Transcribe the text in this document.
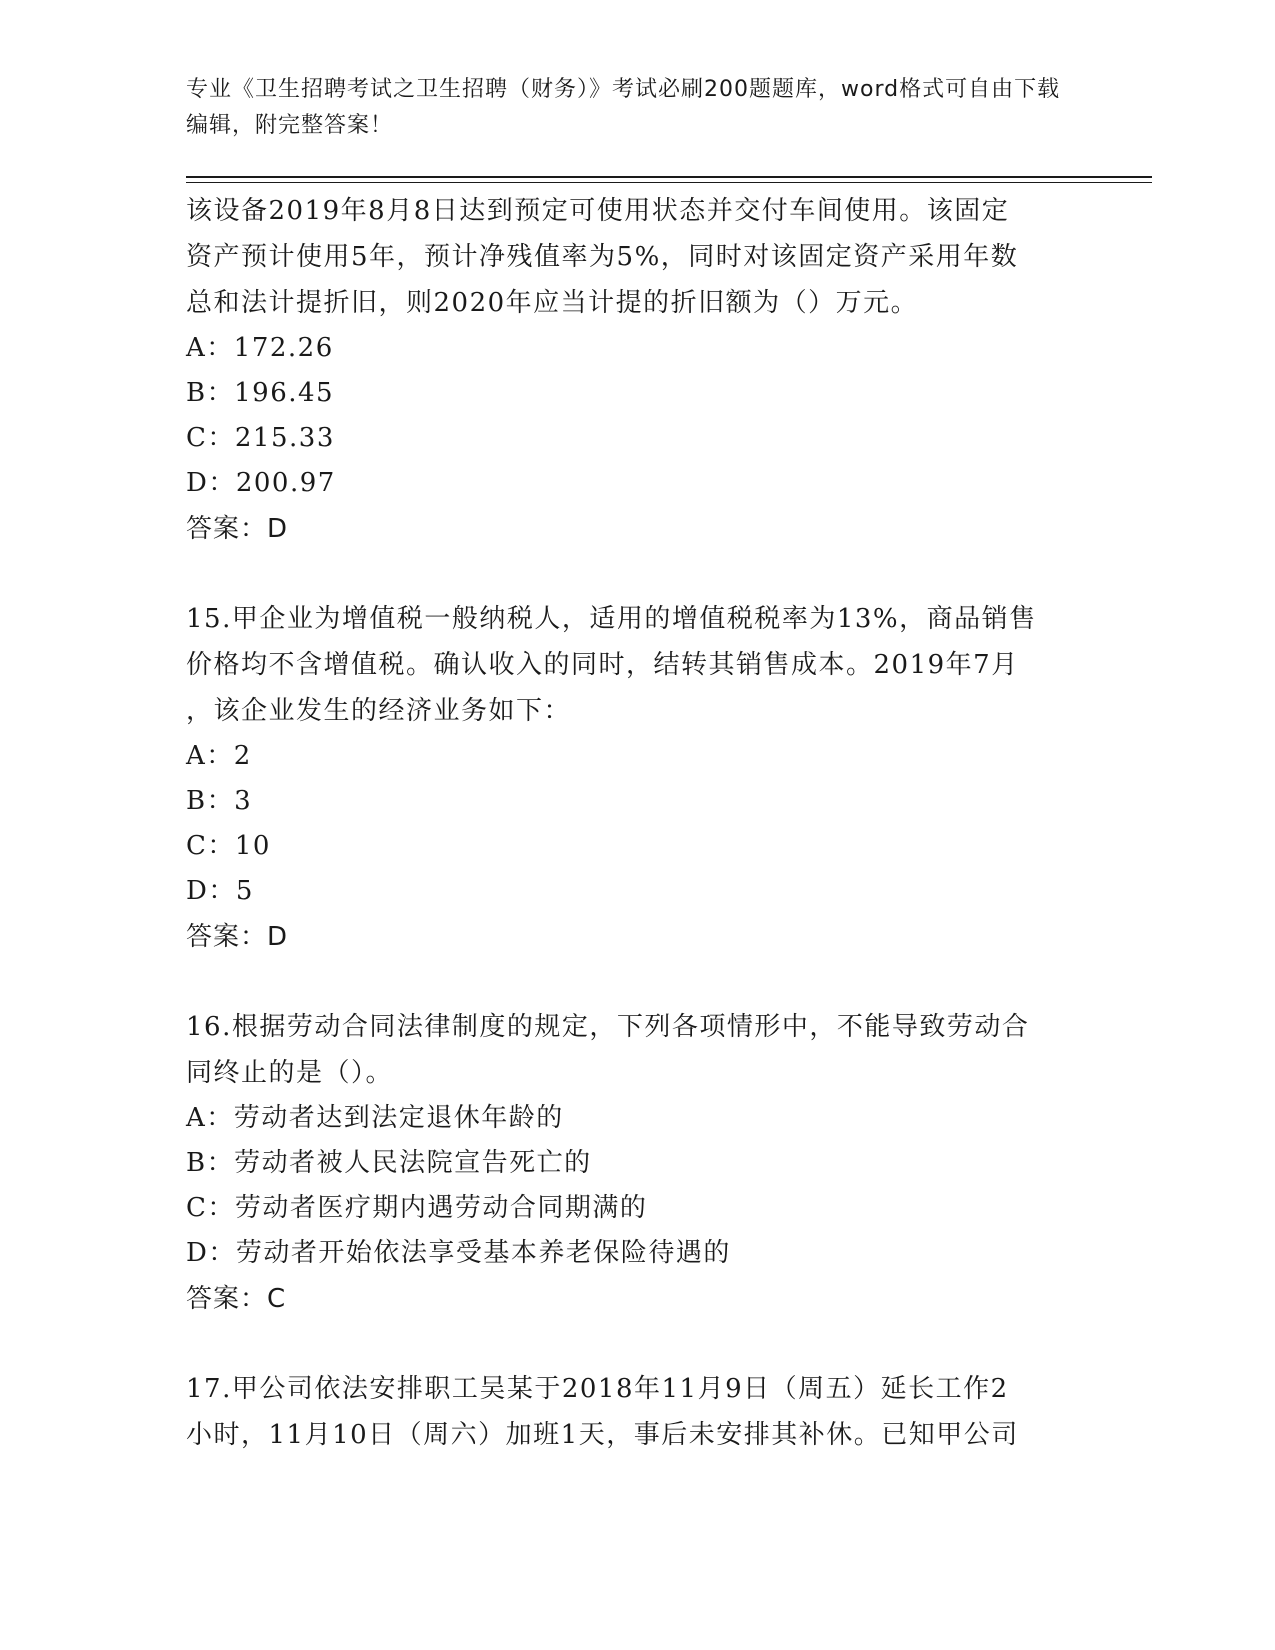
专业《卫生招聘考试之卫生招聘（财务）》考试必刷200题题库，word格式可自由下载编辑，附完整答案！

该设备2019年8月8日达到预定可使用状态并交付车间使用。该固定

资产预计使用5年，预计净残值率为5%，同时对该固定资产采用年数

总和法计提折旧，则2020年应当计提的折旧额为（）万元。

A：172.26

B：196.45

C：215.33

D：200.97

答案：D

15.甲企业为增值税一般纳税人，适用的增值税税率为13%，商品销售

价格均不含增值税。确认收入的同时，结转其销售成本。2019年7月

，该企业发生的经济业务如下：

A：2

B：3

C：10

D：5

答案：D

16.根据劳动合同法律制度的规定，下列各项情形中，不能导致劳动合

同终止的是（）。

A：劳动者达到法定退休年龄的

B：劳动者被人民法院宣告死亡的

C：劳动者医疗期内遇劳动合同期满的

D：劳动者开始依法享受基本养老保险待遇的

答案：C

17.甲公司依法安排职工吴某于2018年11月9日（周五）延长工作2

小时，11月10日（周六）加班1天，事后未安排其补休。已知甲公司
